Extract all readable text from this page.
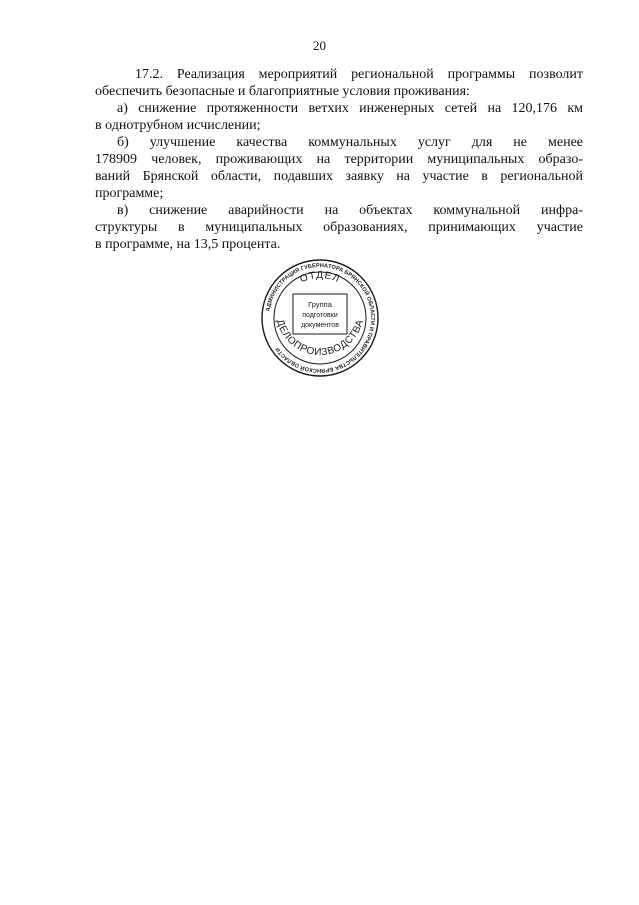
20
17.2. Реализация мероприятий региональной программы позволит
обеспечить безопасные и благоприятные условия проживания:
а) снижение протяженности ветхих инженерных сетей на 120,176 км
в однотрубном исчислении;
б) улучшение качества коммунальных услуг для не менее
178909 человек, проживающих на территории муниципальных образо-
ваний Брянской области, подавших заявку на участие в региональной
программе;
в) снижение аварийности на объектах коммунальной инфра-
структуры в муниципальных образованиях, принимающих участие
в программе, на 13,5 процента.
АДМИНИСТРАЦИЯ ГУБЕРНАТОРА БРЯНСКОЙ ОБЛАСТИ И ПРАВИТЕЛЬСТВА БРЯНСКОЙ ОБЛАСТИ
ОТДЕЛ
ДЕЛОПРОИЗВОДСТВА
Группа
подготовки
документов
